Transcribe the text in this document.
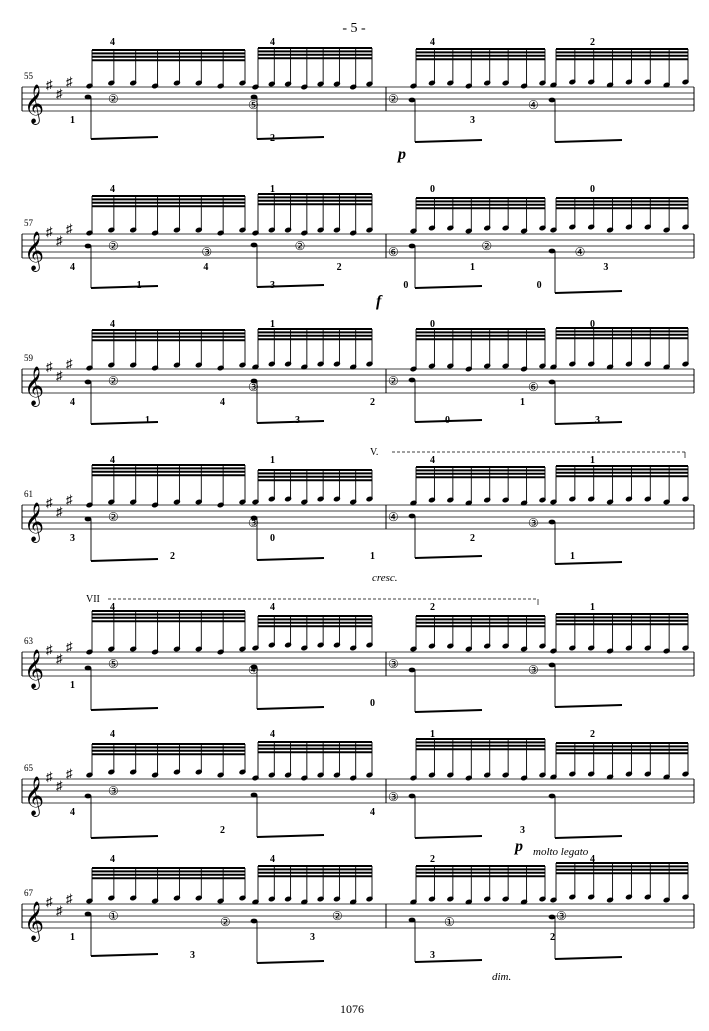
- 5 -
𝄞
♯
♯
♯
55
4	4	4	2
1
2
3
②	⑤	②	④
p
𝄞
♯
♯
♯
57
4	1	0	0
4
1
4
3
2
0
1
0
3
②	③	②	⑥	②	④
f
𝄞
♯
♯
♯
59
4	1	0	0
4
1
4
3
2
0
1
3
②	③	②	⑥
𝄞
♯
♯
♯
61
4	1	4	1
3
2
0
1
2
1
②	③	④	③
cresc.
V.
𝄞
♯
♯
♯
63
4	4	2	1
1
0
⑤	④	③	③
VII
𝄞
♯
♯
♯
65
4	4	1	2
4
2
4
3
③	③
p molto legato
𝄞
♯
♯
♯
67
4	4	2	4
1
3
3
3
2
①	②	②	①	③
dim.
1076
